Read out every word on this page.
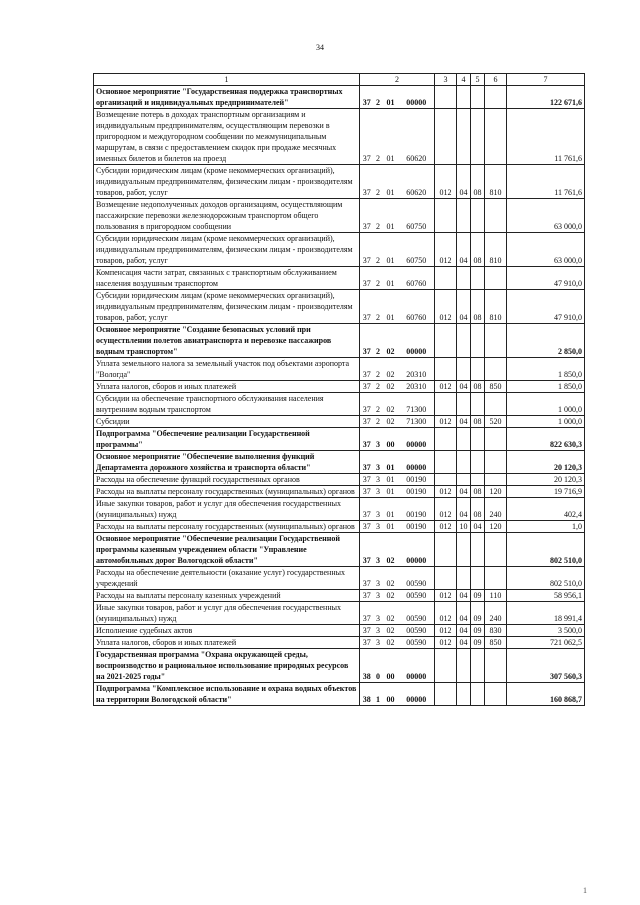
34
1	2				3	4	5	6	7
Основное мероприятие "Государственная поддержка транспортных организаций и индивидуальных предпринимателей"	37	2	01	00000					122 671,6
Возмещение потерь в доходах транспортным организациям и индивидуальным предпринимателям, осуществляющим перевозки в пригородном и междугородном сообщении по межмуниципальным маршрутам, в связи с предоставлением скидок при продаже месячных именных билетов и билетов на проезд	37	2	01	60620					11 761,6
Субсидии юридическим лицам (кроме некоммерческих организаций), индивидуальным предпринимателям, физическим лицам - производителям товаров, работ, услуг	37	2	01	60620	012	04	08	810	11 761,6
Возмещение недополученных доходов организациям, осуществляющим пассажирские перевозки железнодорожным транспортом общего пользования в пригородном сообщении	37	2	01	60750					63 000,0
Субсидии юридическим лицам (кроме некоммерческих организаций), индивидуальным предпринимателям, физическим лицам - производителям товаров, работ, услуг	37	2	01	60750	012	04	08	810	63 000,0
Компенсация части затрат, связанных с транспортным обслуживанием населения воздушным транспортом	37	2	01	60760					47 910,0
Субсидии юридическим лицам (кроме некоммерческих организаций), индивидуальным предпринимателям, физическим лицам - производителям товаров, работ, услуг	37	2	01	60760	012	04	08	810	47 910,0
Основное мероприятие "Создание безопасных условий при осуществлении полетов авиатранспорта и перевозке пассажиров водным транспортом"	37	2	02	00000					2 850,0
Уплата земельного налога за земельный участок под объектами аэропорта "Вологда"	37	2	02	20310					1 850,0
Уплата налогов, сборов и иных платежей	37	2	02	20310	012	04	08	850	1 850,0
Субсидии на обеспечение транспортного обслуживания населения внутренним водным транспортом	37	2	02	71300					1 000,0
Субсидии	37	2	02	71300	012	04	08	520	1 000,0
Подпрограмма "Обеспечение реализации Государственной программы"	37	3	00	00000					822 630,3
Основное мероприятие "Обеспечение выполнения функций Департамента дорожного хозяйства и транспорта области"	37	3	01	00000					20 120,3
Расходы на обеспечение функций государственных органов	37	3	01	00190					20 120,3
Расходы на выплаты персоналу государственных (муниципальных) органов	37	3	01	00190	012	04	08	120	19 716,9
Иные закупки товаров, работ и услуг для обеспечения государственных (муниципальных) нужд	37	3	01	00190	012	04	08	240	402,4
Расходы на выплаты персоналу государственных (муниципальных) органов	37	3	01	00190	012	10	04	120	1,0
Основное мероприятие "Обеспечение реализации Государственной программы казенным учреждением области "Управление автомобильных дорог Вологодской области"	37	3	02	00000					802 510,0
Расходы на обеспечение деятельности (оказание услуг) государственных учреждений	37	3	02	00590					802 510,0
Расходы на выплаты персоналу казенных учреждений	37	3	02	00590	012	04	09	110	58 956,1
Иные закупки товаров, работ и услуг для обеспечения государственных (муниципальных) нужд	37	3	02	00590	012	04	09	240	18 991,4
Исполнение судебных актов	37	3	02	00590	012	04	09	830	3 500,0
Уплата налогов, сборов и иных платежей	37	3	02	00590	012	04	09	850	721 062,5
Государственная программа "Охрана окружающей среды, воспроизводство и рациональное использование природных ресурсов на 2021-2025 годы"	38	0	00	00000					307 560,3
Подпрограмма "Комплексное использование и охрана водных объектов на территории Вологодской области"	38	1	00	00000					160 868,7
1
